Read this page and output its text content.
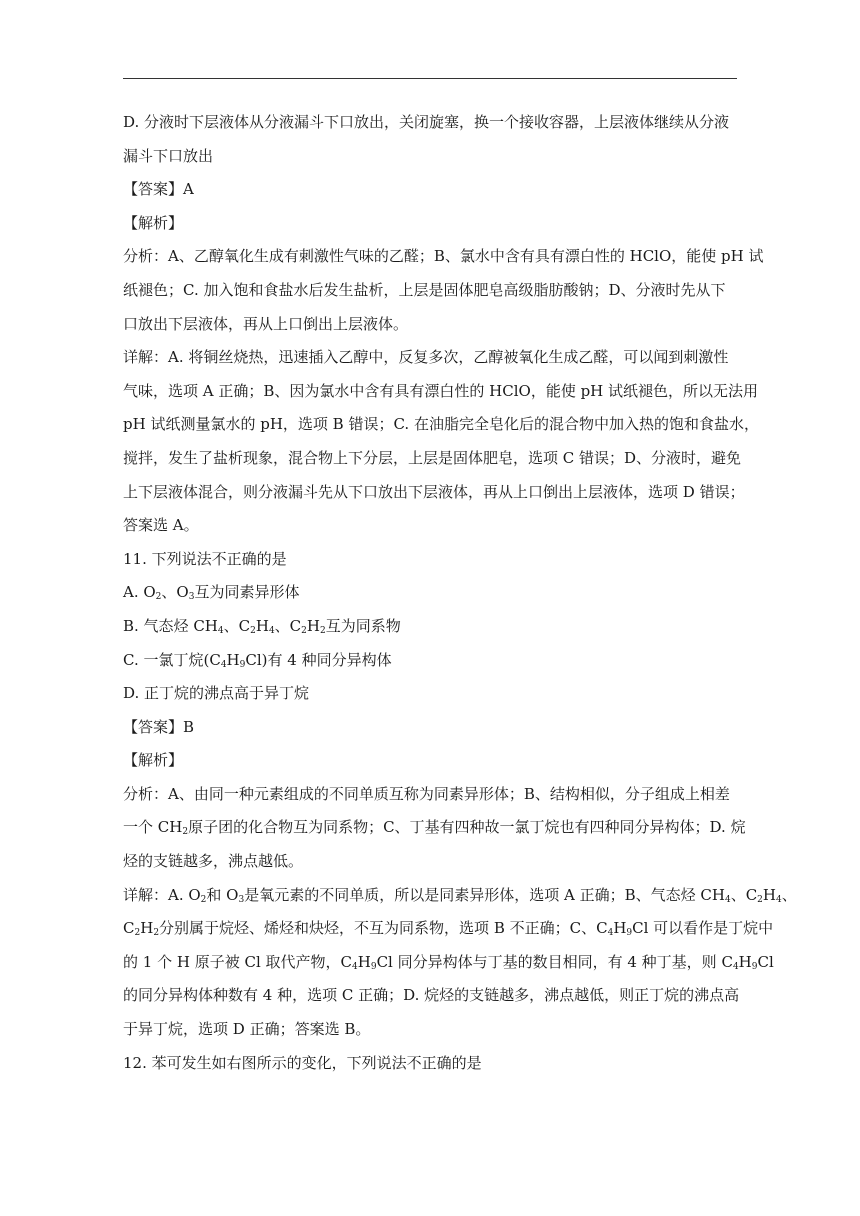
D. 分液时下层液体从分液漏斗下口放出，关闭旋塞，换一个接收容器，上层液体继续从分液
漏斗下口放出
【答案】A
【解析】
分析：A、乙醇氧化生成有刺激性气味的乙醛；B、氯水中含有具有漂白性的 HClO，能使 pH 试
纸褪色；C. 加入饱和食盐水后发生盐析，上层是固体肥皂高级脂肪酸钠；D、分液时先从下
口放出下层液体，再从上口倒出上层液体。
详解：A. 将铜丝烧热，迅速插入乙醇中，反复多次，乙醇被氧化生成乙醛，可以闻到刺激性
气味，选项 A 正确；B、因为氯水中含有具有漂白性的 HClO，能使 pH 试纸褪色，所以无法用
pH 试纸测量氯水的 pH，选项 B 错误；C. 在油脂完全皂化后的混合物中加入热的饱和食盐水，
搅拌，发生了盐析现象，混合物上下分层，上层是固体肥皂，选项 C 错误；D、分液时，避免
上下层液体混合，则分液漏斗先从下口放出下层液体，再从上口倒出上层液体，选项 D 错误；
答案选 A。
11. 下列说法不正确的是
A. $O_2$、$O_3$互为同素异形体
B. 气态烃 $CH_4$、$C_2H_4$、$C_2H_2$互为同系物
C. 一氯丁烷$(C_4H_9Cl)$有 4 种同分异构体
D. 正丁烷的沸点高于异丁烷
【答案】B
【解析】
分析：A、由同一种元素组成的不同单质互称为同素异形体；B、结构相似，分子组成上相差
一个 $CH_2$原子团的化合物互为同系物；C、丁基有四种故一氯丁烷也有四种同分异构体；D. 烷
烃的支链越多，沸点越低。
详解：A. $O_2$和 $O_3$是氧元素的不同单质，所以是同素异形体，选项 A 正确；B、气态烃 $CH_4$、$C_2H_4$、
$C_2H_2$分别属于烷烃、烯烃和炔烃，不互为同系物，选项 B 不正确；C、$C_4H_9Cl$ 可以看作是丁烷中
的 1 个 H 原子被 Cl 取代产物，$C_4H_9Cl$ 同分异构体与丁基的数目相同，有 4 种丁基，则 $C_4H_9Cl$
的同分异构体种数有 4 种，选项 C 正确；D. 烷烃的支链越多，沸点越低，则正丁烷的沸点高
于异丁烷，选项 D 正确；答案选 B。
12. 苯可发生如右图所示的变化，下列说法不正确的是
